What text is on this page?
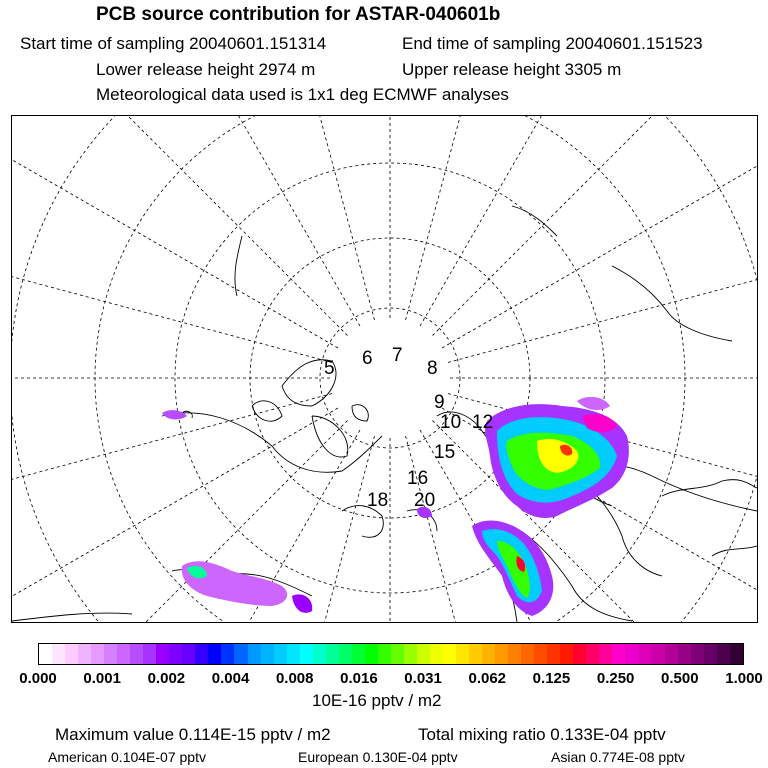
PCB source contribution for ASTAR-040601b
Start time of sampling 20040601.151314	End time of sampling 20040601.151523
Lower release height 2974 m	Upper release height 3305 m
Meteorological data used is 1x1 deg ECMWF analyses
5 6 7
8
9
10 12
15
16
18 20
0.000 0.001 0.002 0.004 0.008 0.016 0.031 0.062 0.125 0.250 0.500 1.000
10E-16 pptv / m2
Maximum value 0.114E-15 pptv / m2	Total mixing ratio 0.133E-04 pptv
American 0.104E-07 pptv	European 0.130E-04 pptv	Asian 0.774E-08 pptv
